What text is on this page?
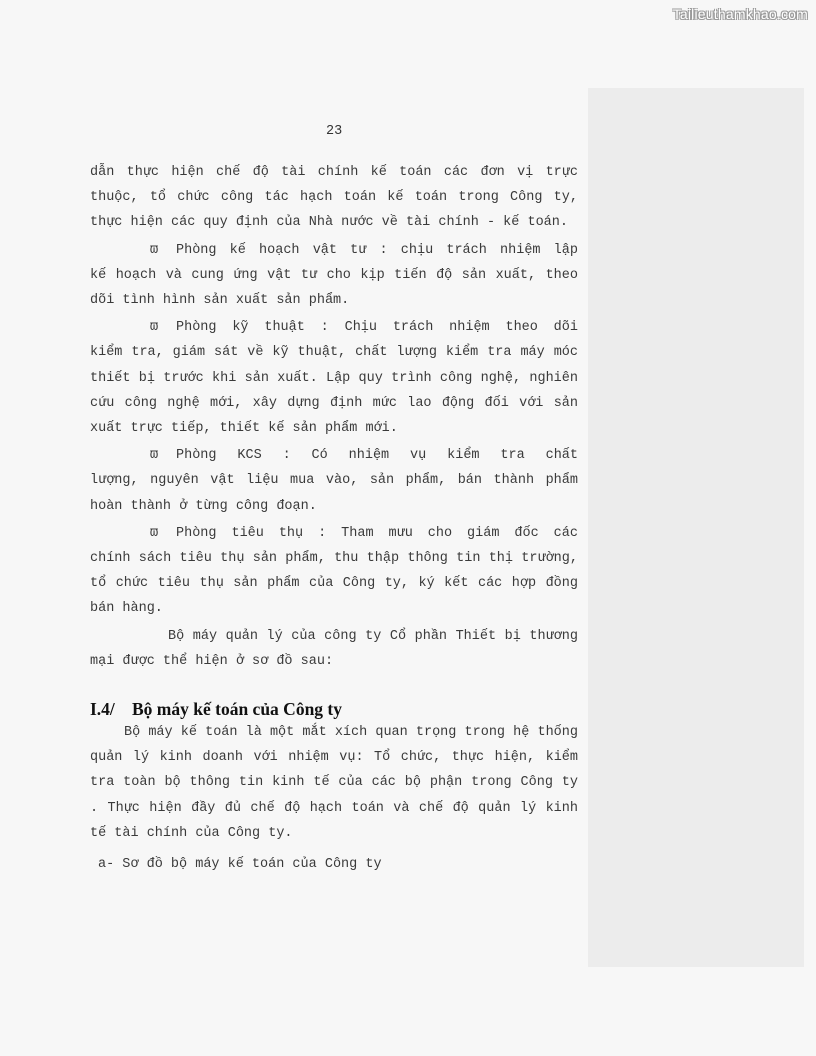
Tailieuthamkhao.com
23

dẫn thực hiện chế độ tài chính kế toán các đơn vị trực thuộc, tổ chức công tác hạch toán kế toán trong Công ty, thực hiện các quy định của Nhà nước về tài chính - kế toán.

ϖ	Phòng kế hoạch vật tư : chịu trách nhiệm lập
kế hoạch và cung ứng vật tư cho kịp tiến độ sản xuất, theo dõi tình hình sản xuất sản phẩm.
ϖ	Phòng kỹ thuật : Chịu trách nhiệm theo dõi
kiểm tra, giám sát về kỹ thuật, chất lượng kiểm tra máy móc thiết bị trước khi sản xuất. Lập quy trình công nghệ, nghiên cứu công nghệ mới, xây dựng định mức lao động đối với sản xuất trực tiếp, thiết kế sản phẩm mới.
ϖ	Phòng KCS : Có nhiệm vụ kiểm tra chất
lượng, nguyên vật liệu mua vào, sản phẩm, bán thành phẩm hoàn thành ở từng công đoạn.
ϖ	Phòng tiêu thụ : Tham mưu cho giám đốc các
chính sách tiêu thụ sản phẩm, thu thập thông tin thị trường, tổ chức tiêu thụ sản phẩm của Công ty, ký kết các hợp đồng bán hàng.

Bộ máy quản lý của công ty Cổ phần Thiết bị thương mại được thể hiện ở sơ đồ sau:

I.4/ Bộ máy kế toán của Công ty

Bộ máy kế toán là một mắt xích quan trọng trong hệ thống quản lý kinh doanh với nhiệm vụ: Tổ chức, thực hiện, kiểm tra toàn bộ thông tin kinh tế của các bộ phận trong Công ty . Thực hiện đầy đủ chế độ hạch toán và chế độ quản lý kinh tế tài chính của Công ty.

a- Sơ đồ bộ máy kế toán của Công ty
